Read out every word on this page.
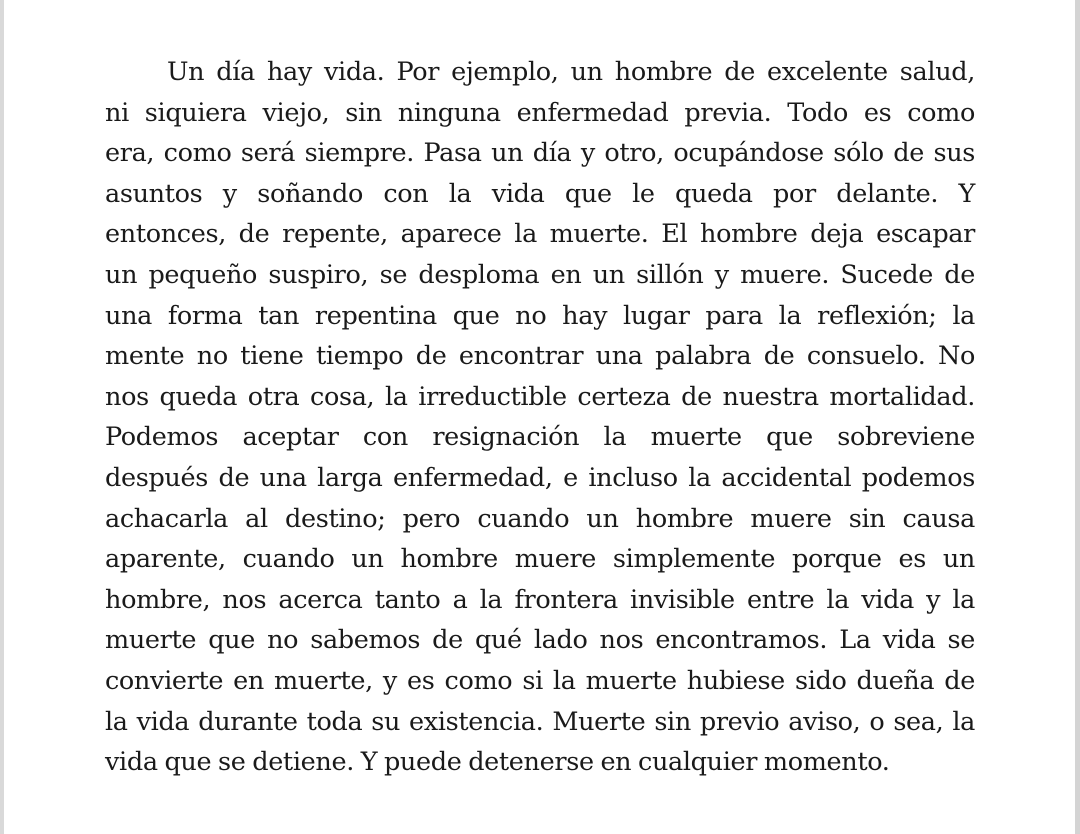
Un día hay vida. Por ejemplo, un hombre de excelente salud,
ni siquiera viejo, sin ninguna enfermedad previa. Todo es como
era, como será siempre. Pasa un día y otro, ocupándose sólo de sus
asuntos y soñando con la vida que le queda por delante. Y
entonces, de repente, aparece la muerte. El hombre deja escapar
un pequeño suspiro, se desploma en un sillón y muere. Sucede de
una forma tan repentina que no hay lugar para la reflexión; la
mente no tiene tiempo de encontrar una palabra de consuelo. No
nos queda otra cosa, la irreductible certeza de nuestra mortalidad.
Podemos aceptar con resignación la muerte que sobreviene
después de una larga enfermedad, e incluso la accidental podemos
achacarla al destino; pero cuando un hombre muere sin causa
aparente, cuando un hombre muere simplemente porque es un
hombre, nos acerca tanto a la frontera invisible entre la vida y la
muerte que no sabemos de qué lado nos encontramos. La vida se
convierte en muerte, y es como si la muerte hubiese sido dueña de
la vida durante toda su existencia. Muerte sin previo aviso, o sea, la
vida que se detiene. Y puede detenerse en cualquier momento.
